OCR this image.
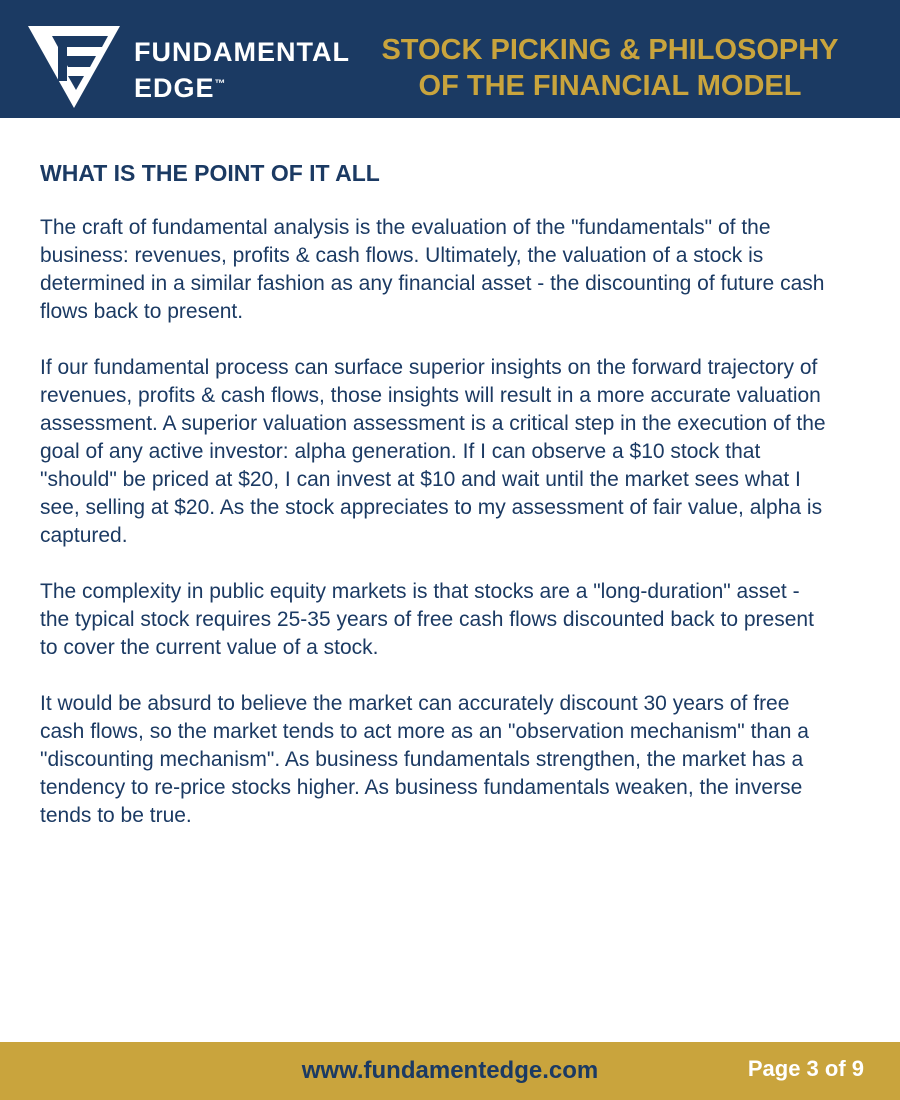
FUNDAMENTAL
EDGE™
STOCK PICKING & PHILOSOPHY
OF THE FINANCIAL MODEL
WHAT IS THE POINT OF IT ALL

The craft of fundamental analysis is the evaluation of the "fundamentals" of the business: revenues, profits & cash flows. Ultimately, the valuation of a stock is determined in a similar fashion as any financial asset - the discounting of future cash flows back to present.

If our fundamental process can surface superior insights on the forward trajectory of revenues, profits & cash flows, those insights will result in a more accurate valuation assessment. A superior valuation assessment is a critical step in the execution of the goal of any active investor: alpha generation. If I can observe a $10 stock that "should" be priced at $20, I can invest at $10 and wait until the market sees what I see, selling at $20. As the stock appreciates to my assessment of fair value, alpha is captured.

The complexity in public equity markets is that stocks are a "long-duration" asset - the typical stock requires 25-35 years of free cash flows discounted back to present to cover the current value of a stock.

It would be absurd to believe the market can accurately discount 30 years of free cash flows, so the market tends to act more as an "observation mechanism" than a "discounting mechanism". As business fundamentals strengthen, the market has a tendency to re-price stocks higher. As business fundamentals weaken, the inverse tends to be true.

www.fundamentedge.com	Page 3 of 9
